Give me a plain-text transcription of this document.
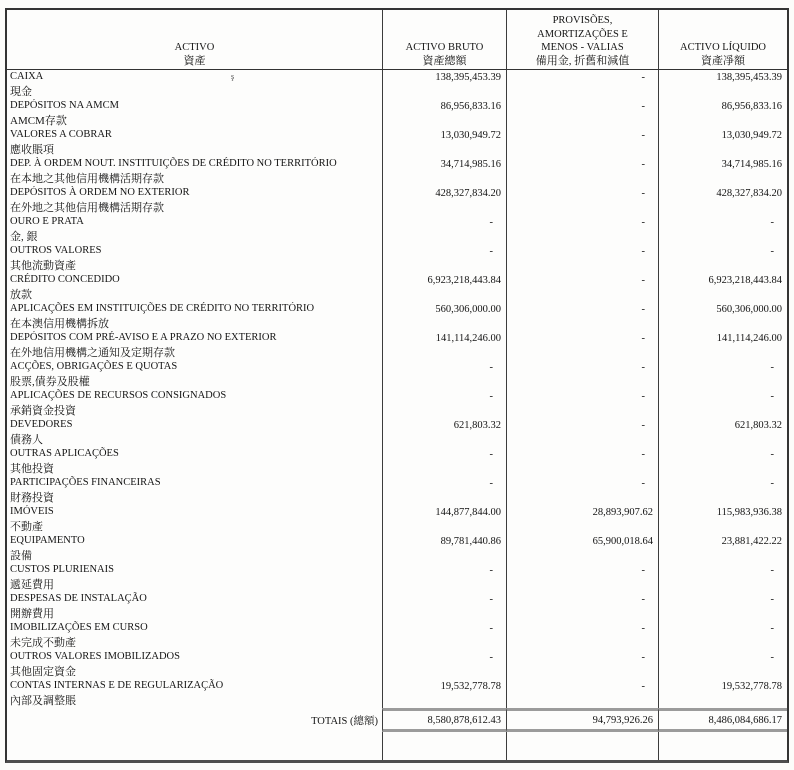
ACTIVO
資產
ACTIVO BRUTO
資產總額
PROVISÕES,
AMORTIZAÇÕES E
MENOS - VALIAS
備用金, 折舊和減值
ACTIVO LÍQUIDO
資產凈額
CAIXA
現金
ş	138,395,453.39	-	138,395,453.39
DEPÓSITOS NA AMCM
AMCM存款
86,956,833.16	-	86,956,833.16
VALORES A COBRAR
應收賬項
13,030,949.72	-	13,030,949.72
DEP. À ORDEM NOUT. INSTITUIÇÕES DE CRÉDITO NO TERRITÓRIO
在本地之其他信用機構活期存款
34,714,985.16	-	34,714,985.16
DEPÓSITOS À ORDEM NO EXTERIOR
在外地之其他信用機構活期存款
428,327,834.20	-	428,327,834.20
OURO E PRATA
金, 銀
-	-	-
OUTROS VALORES
其他流動資產
-	-	-
CRÉDITO CONCEDIDO
放款
6,923,218,443.84	-	6,923,218,443.84
APLICAÇÕES EM INSTITUIÇÕES DE CRÉDITO NO TERRITÓRIO
在本澳信用機構拆放
560,306,000.00	-	560,306,000.00
DEPÓSITOS COM PRÉ-AVISO E A PRAZO NO EXTERIOR
在外地信用機構之通知及定期存款
141,114,246.00	-	141,114,246.00
ACÇÕES, OBRIGAÇÕES E QUOTAS
股票,債券及股權
-	-	-
APLICAÇÕES DE RECURSOS CONSIGNADOS
承銷資金投資
-	-	-
DEVEDORES
債務人
621,803.32	-	621,803.32
OUTRAS APLICAÇÕES
其他投資
-	-	-
PARTICIPAÇÕES FINANCEIRAS
財務投資
-	-	-
IMÓVEIS
不動產
144,877,844.00	28,893,907.62	115,983,936.38
EQUIPAMENTO
設備
89,781,440.86	65,900,018.64	23,881,422.22
CUSTOS PLURIENAIS
遞延費用
-	-	-
DESPESAS DE INSTALAÇÃO
開辦費用
-	-	-
IMOBILIZAÇÕES EM CURSO
未完成不動產
-	-	-
OUTROS VALORES IMOBILIZADOS
其他固定資金
-	-	-
CONTAS INTERNAS E DE REGULARIZAÇÃO
內部及調整賬
19,532,778.78	-	19,532,778.78
TOTAIS (總額)	8,580,878,612.43	94,793,926.26	8,486,084,686.17
